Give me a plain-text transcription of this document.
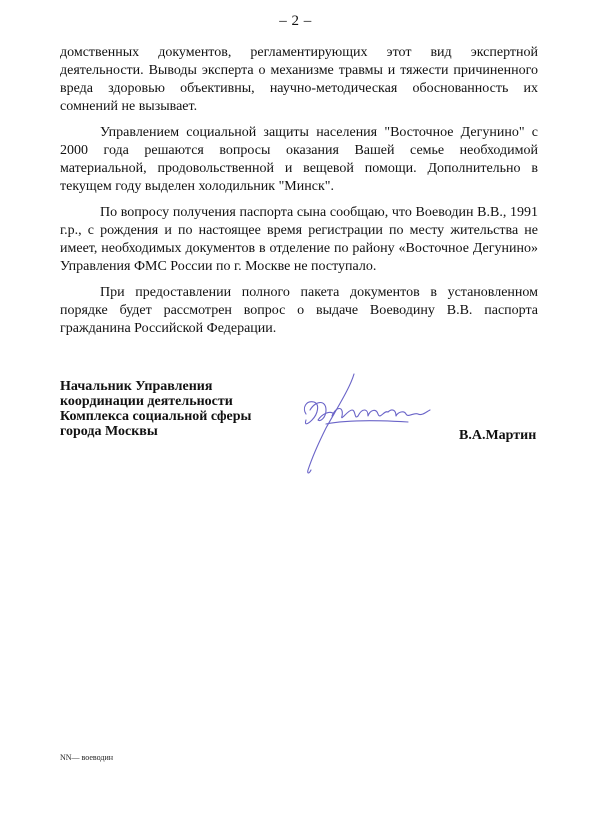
– 2 –

домственных документов, регламентирующих этот вид экспертной деятельности. Выводы эксперта о механизме травмы и тяжести причиненного вреда здоровью объективны, научно-методическая обоснованность их сомнений не вызывает.

Управлением социальной защиты населения "Восточное Дегунино" с 2000 года решаются вопросы оказания Вашей семье необходимой материальной, продовольственной и вещевой помощи. Дополнительно в текущем году выделен холодильник "Минск".

По вопросу получения паспорта сына сообщаю, что Воеводин В.В., 1991 г.р., с рождения и по настоящее время регистрации по месту жительства не имеет, необходимых документов в отделение по району «Восточное Дегунино» Управления ФМС России по г. Москве не поступало.

При предоставлении полного пакета документов в установленном порядке будет рассмотрен вопрос о выдаче Воеводину В.В. паспорта гражданина Российской Федерации.

Начальник Управления
координации деятельности
Комплекса социальной сферы
города Москвы	В.А.Мартин
NN— воеводин
